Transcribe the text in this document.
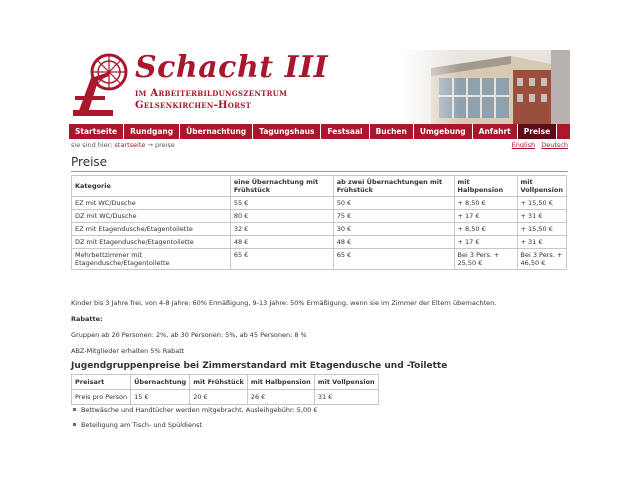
Schacht III
im Arbeiterbildungszentrum
Gelsenkirchen-Horst
Startseite	Rundgang	Übernachtung	Tagungshaus	Festsaal	Buchen	Umgebung	Anfahrt	Preise
sie sind hier: startseite → preise	English Deutsch
Preise
Kategorie	eine Übernachtung mit Frühstück	ab zwei Übernachtungen mit Frühstück	mit Halbpension	mit Vollpension
EZ mit WC/Dusche	55 €	50 €	+ 8,50 €	+ 15,50 €
DZ mit WC/Dusche	80 €	75 €	+ 17 €	+ 31 €
EZ mit Etagendusche/Etagentoilette	32 €	30 €	+ 8,50 €	+ 15,50 €
DZ mit Etagendusche/Etagentoilette	48 €	48 €	+ 17 €	+ 31 €
Mehrbettzimmer mit Etagendusche/Etagentoilette	65 €	65 €	Bei 3 Pers. + 25,50 €	Bei 3 Pers. + 46,50 €
Kinder bis 3 Jahre frei, von 4-8 Jahre: 60% Ermäßigung, 9-13 Jahre: 50% Ermäßigung, wenn sie im Zimmer der Eltern übernachten.
Rabatte:
Gruppen ab 20 Personen: 2%, ab 30 Personen: 5%, ab 45 Personen: 8 %
ABZ-Mitglieder erhalten 5% Rabatt
Jugendgruppenpreise bei Zimmerstandard mit Etagendusche und -Toilette
Preisart	Übernachtung	mit Frühstück	mit Halbpension	mit Vollpension
Preis pro Person	15 €	20 €	26 €	31 €
Bettwäsche und Handtücher werden mitgebracht. Ausleihgebühr: 5,00 €
Beteiligung am Tisch- und Spüldienst
